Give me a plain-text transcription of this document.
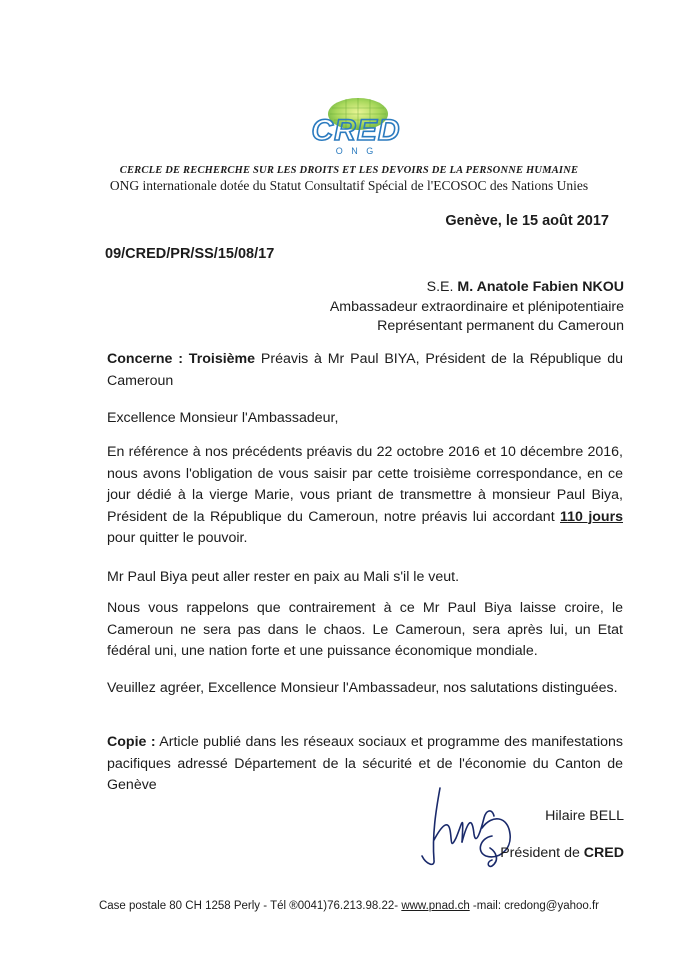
CRED
O N G
CERCLE DE RECHERCHE SUR LES DROITS ET LES DEVOIRS DE LA PERSONNE HUMAINE
ONG internationale dotée du Statut Consultatif Spécial de l'ECOSOC des Nations Unies
Genève, le 15 août 2017
09/CRED/PR/SS/15/08/17
S.E. M. Anatole Fabien NKOU
Ambassadeur extraordinaire et plénipotentiaire
Représentant permanent du Cameroun
Concerne : Troisième Préavis à Mr Paul BIYA, Président de la République du Cameroun
Excellence Monsieur l'Ambassadeur,
En référence à nos précédents préavis du 22 octobre 2016 et 10 décembre 2016, nous avons l'obligation de vous saisir par cette troisième correspondance, en ce jour dédié à la vierge Marie, vous priant de transmettre à monsieur Paul Biya, Président de la République du Cameroun, notre préavis lui accordant 110 jours pour quitter le pouvoir.
Mr Paul Biya peut aller rester en paix au Mali s'il le veut.
Nous vous rappelons que contrairement à ce Mr Paul Biya laisse croire, le Cameroun ne sera pas dans le chaos. Le Cameroun, sera après lui, un Etat fédéral uni, une nation forte et une puissance économique mondiale.
Veuillez agréer, Excellence Monsieur l'Ambassadeur, nos salutations distinguées.
Copie : Article publié dans les réseaux sociaux et programme des manifestations pacifiques adressé Département de la sécurité et de l'économie du Canton de Genève
Hilaire BELL
Président de CRED
Case postale 80 CH 1258 Perly - Tél ®0041)76.213.98.22- www.pnad.ch -mail: credong@yahoo.fr
